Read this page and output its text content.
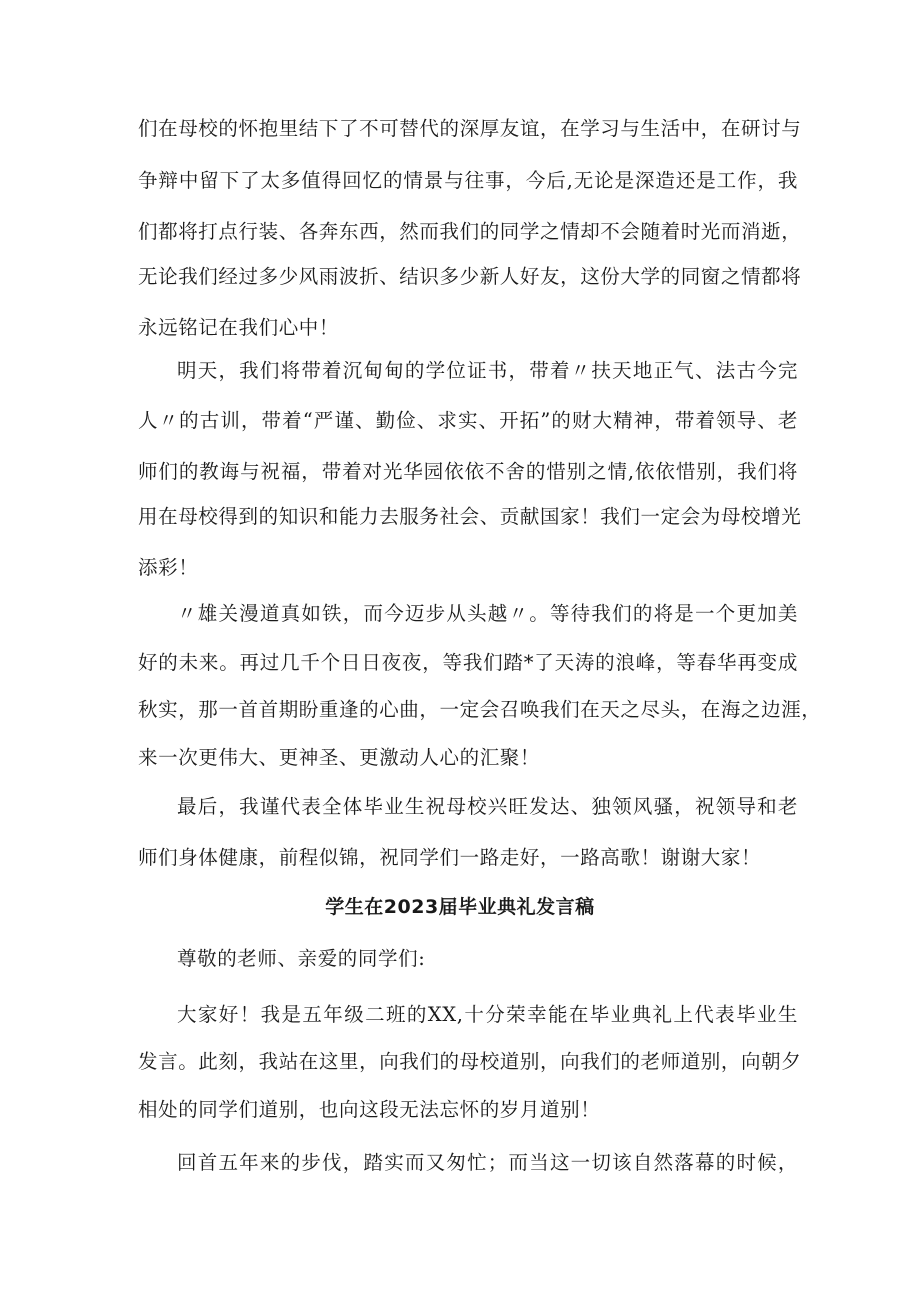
们在母校的怀抱里结下了不可替代的深厚友谊，在学习与生活中，在研讨与
争辩中留下了太多值得回忆的情景与往事，今后,无论是深造还是工作，我
们都将打点行装、各奔东西，然而我们的同学之情却不会随着时光而消逝，
无论我们经过多少风雨波折、结识多少新人好友，这份大学的同窗之情都将
永远铭记在我们心中！
明天，我们将带着沉甸甸的学位证书，带着〃扶天地正气、法古今完
人〃的古训，带着“严谨、勤俭、求实、开拓”的财大精神，带着领导、老
师们的教诲与祝福，带着对光华园依依不舍的惜别之情,依依惜别，我们将
用在母校得到的知识和能力去服务社会、贡献国家！我们一定会为母校增光
添彩！
〃雄关漫道真如铁，而今迈步从头越〃。等待我们的将是一个更加美
好的未来。再过几千个日日夜夜，等我们踏*了天涛的浪峰，等春华再变成
秋实，那一首首期盼重逢的心曲，一定会召唤我们在天之尽头，在海之边涯，
来一次更伟大、更神圣、更激动人心的汇聚！
最后，我谨代表全体毕业生祝母校兴旺发达、独领风骚，祝领导和老
师们身体健康，前程似锦，祝同学们一路走好，一路高歌！谢谢大家！
学生在2023届毕业典礼发言稿
尊敬的老师、亲爱的同学们:
大家好！我是五年级二班的XX,十分荣幸能在毕业典礼上代表毕业生
发言。此刻，我站在这里，向我们的母校道别，向我们的老师道别，向朝夕
相处的同学们道别，也向这段无法忘怀的岁月道别！
回首五年来的步伐，踏实而又匆忙；而当这一切该自然落幕的时候，
